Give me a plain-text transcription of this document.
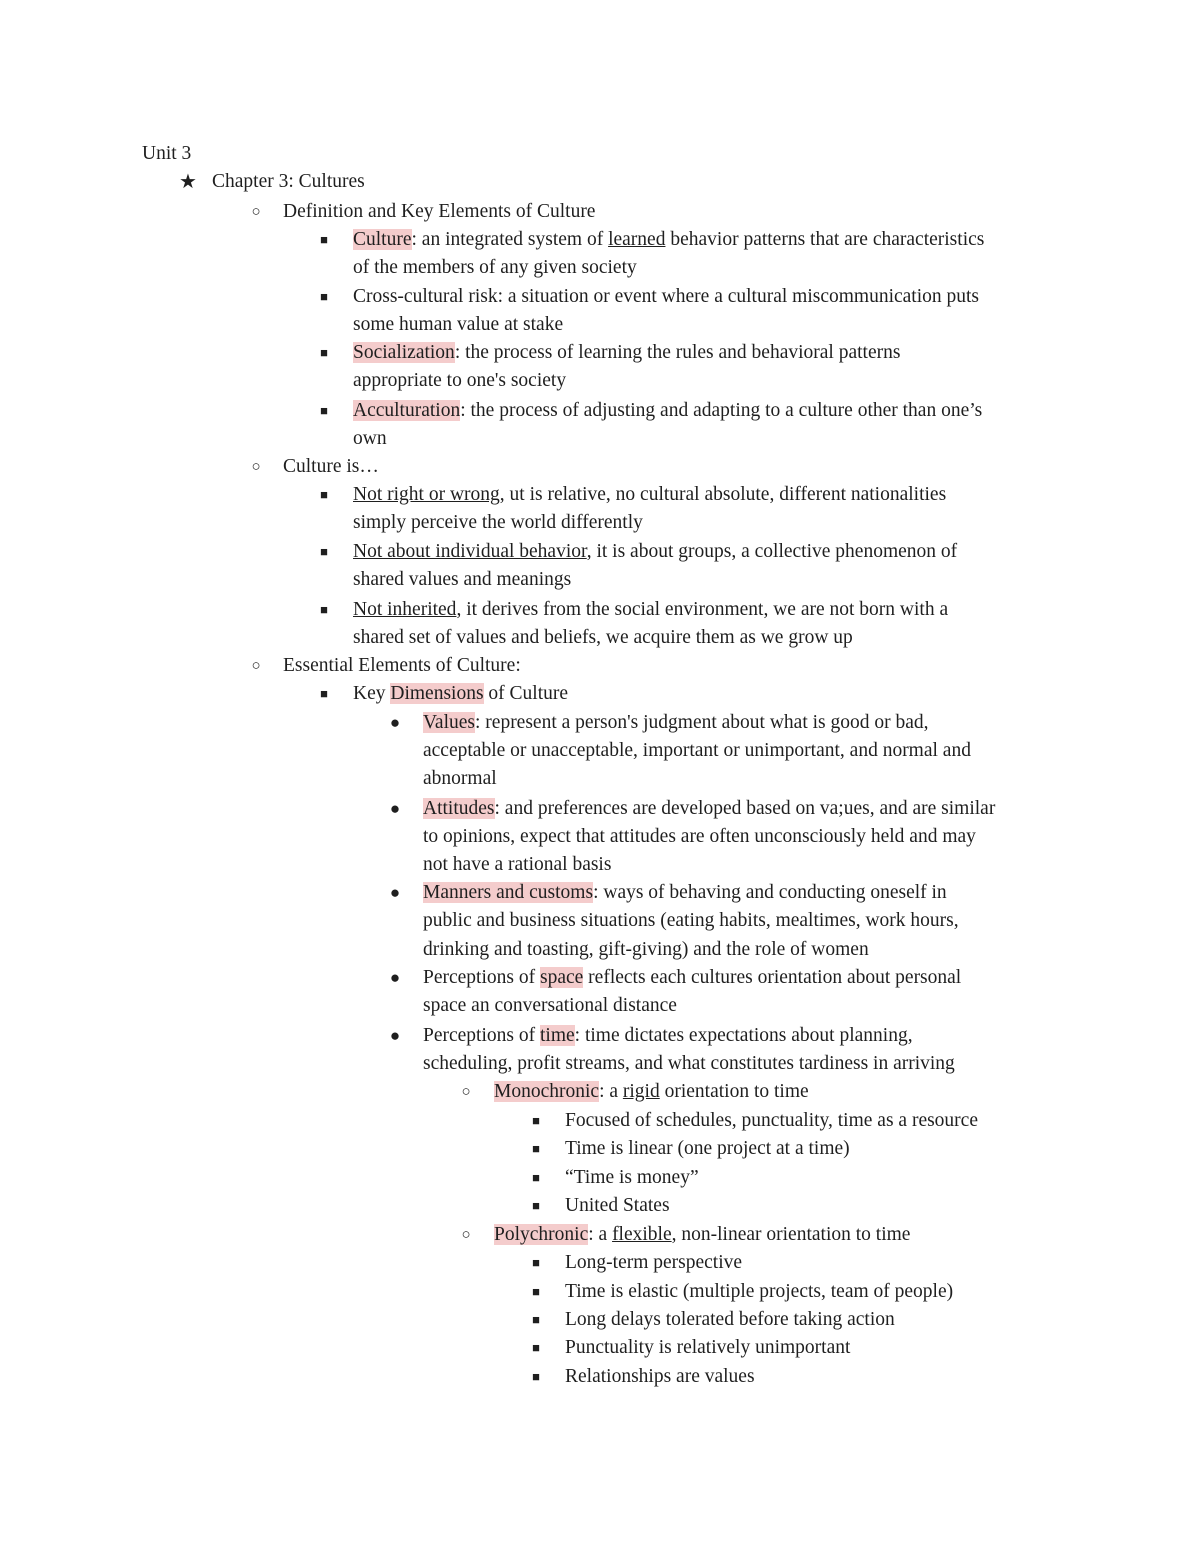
Unit 3
★ Chapter 3: Cultures
○ Definition and Key Elements of Culture
■	Culture: an integrated system of learned behavior patterns that are characteristics
of the members of any given society
■	Cross-cultural risk: a situation or event where a cultural miscommunication puts
some human value at stake
■	Socialization: the process of learning the rules and behavioral patterns
appropriate to one's society
■	Acculturation: the process of adjusting and adapting to a culture other than one’s
own
○ Culture is…
■	Not right or wrong, ut is relative, no cultural absolute, different nationalities
simply perceive the world differently
■	Not about individual behavior, it is about groups, a collective phenomenon of
shared values and meanings
■	Not inherited, it derives from the social environment, we are not born with a
shared set of values and beliefs, we acquire them as we grow up
○ Essential Elements of Culture:
■	Key Dimensions of Culture
● Values: represent a person's judgment about what is good or bad,
acceptable or unacceptable, important or unimportant, and normal and
abnormal
● Attitudes: and preferences are developed based on va;ues, and are similar
to opinions, expect that attitudes are often unconsciously held and may
not have a rational basis
● Manners and customs: ways of behaving and conducting oneself in
public and business situations (eating habits, mealtimes, work hours,
drinking and toasting, gift-giving) and the role of women
● Perceptions of space reflects each cultures orientation about personal
space an conversational distance
● Perceptions of time: time dictates expectations about planning,
scheduling, profit streams, and what constitutes tardiness in arriving
○ Monochronic: a rigid orientation to time
■	Focused of schedules, punctuality, time as a resource
■	Time is linear (one project at a time)
■	“Time is money”
■	United States
○ Polychronic: a flexible, non-linear orientation to time
■	Long-term perspective
■	Time is elastic (multiple projects, team of people)
■	Long delays tolerated before taking action
■	Punctuality is relatively unimportant
■	Relationships are values
